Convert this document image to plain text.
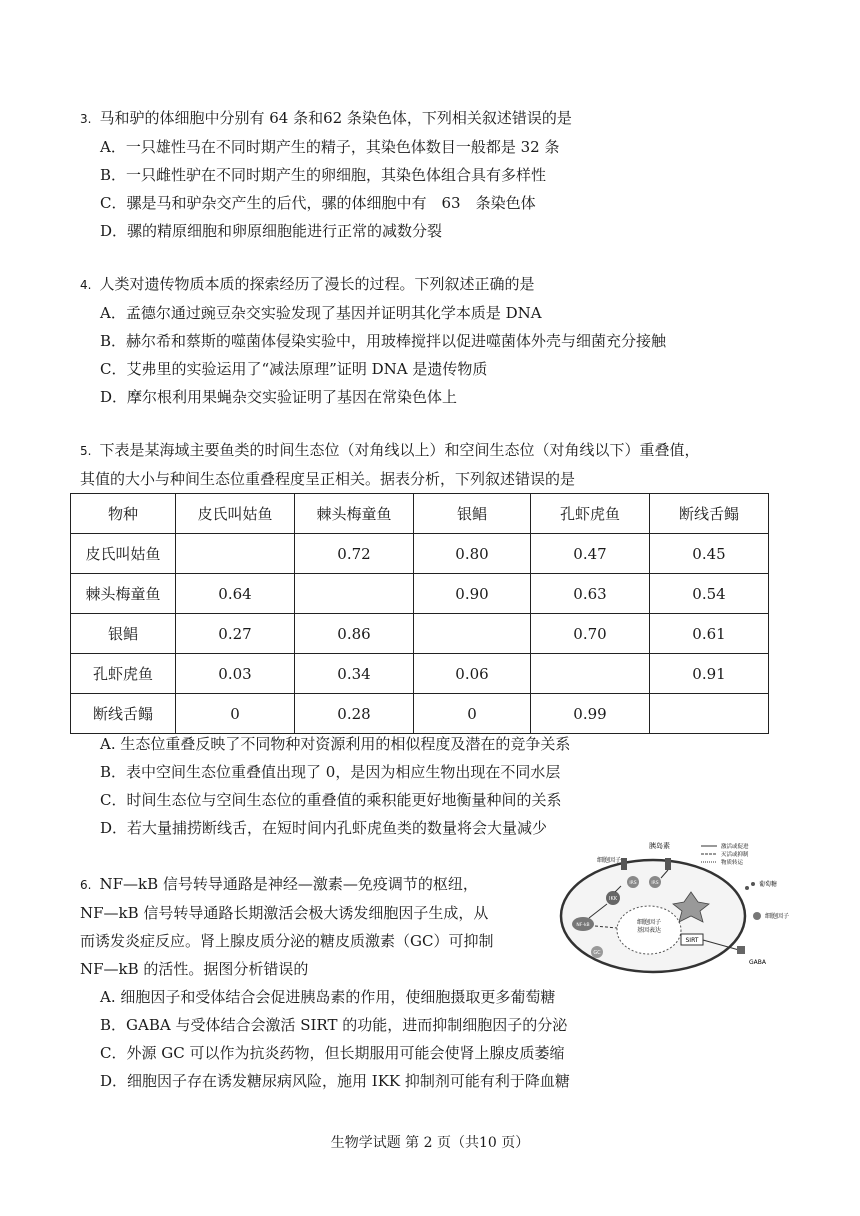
3. 马和驴的体细胞中分别有 64 条和62 条染色体，下列相关叙述错误的是
A．一只雄性马在不同时期产生的精子，其染色体数目一般都是 32 条
B．一只雌性驴在不同时期产生的卵细胞，其染色体组合具有多样性
C．骡是马和驴杂交产生的后代，骡的体细胞中有　63　条染色体
D．骡的精原细胞和卵原细胞能进行正常的减数分裂
4. 人类对遗传物质本质的探索经历了漫长的过程。下列叙述正确的是
A．孟德尔通过豌豆杂交实验发现了基因并证明其化学本质是 DNA
B．赫尔希和蔡斯的噬菌体侵染实验中，用玻棒搅拌以促进噬菌体外壳与细菌充分接触
C．艾弗里的实验运用了“减法原理”证明 DNA 是遗传物质
D．摩尔根利用果蝇杂交实验证明了基因在常染色体上
5. 下表是某海域主要鱼类的时间生态位（对角线以上）和空间生态位（对角线以下）重叠值，
其值的大小与种间生态位重叠程度呈正相关。据表分析，下列叙述错误的是
物种	皮氏叫姑鱼	棘头梅童鱼	银鲳	孔虾虎鱼	断线舌鳎
皮氏叫姑鱼		0.72	0.80	0.47	0.45
棘头梅童鱼	0.64		0.90	0.63	0.54
银鲳	0.27	0.86		0.70	0.61
孔虾虎鱼	0.03	0.34	0.06		0.91
断线舌鳎	0	0.28	0	0.99	
A. 生态位重叠反映了不同物种对资源利用的相似程度及潜在的竞争关系
B．表中空间生态位重叠值出现了 0，是因为相应生物出现在不同水层
C．时间生态位与空间生态位的重叠值的乘积能更好地衡量种间的关系
D．若大量捕捞断线舌，在短时间内孔虾虎鱼类的数量将会大量减少
6. NF—kB 信号转导通路是神经—激素—免疫调节的枢纽，
NF—kB 信号转导通路长期激活会极大诱发细胞因子生成，从
而诱发炎症反应。肾上腺皮质分泌的糖皮质激素（GC）可抑制
NF—kB 的活性。据图分析错误的
A. 细胞因子和受体结合会促进胰岛素的作用，使细胞摄取更多葡萄糖
B．GABA 与受体结合会激活 SIRT 的功能，进而抑制细胞因子的分泌
C．外源 GC 可以作为抗炎药物，但长期服用可能会使肾上腺皮质萎缩
D．细胞因子存在诱发糖尿病风险，施用 IKK 抑制剂可能有利于降血糖
细胞因子
基因表达
细胞因子
胰岛素
IRS	IRS
IKK
NF-kB
GC
SIRT
GABA
葡萄糖
细胞因子
激活或促进
灭活或抑制
物质转运
生物学试题 第 2 页（共10 页）
